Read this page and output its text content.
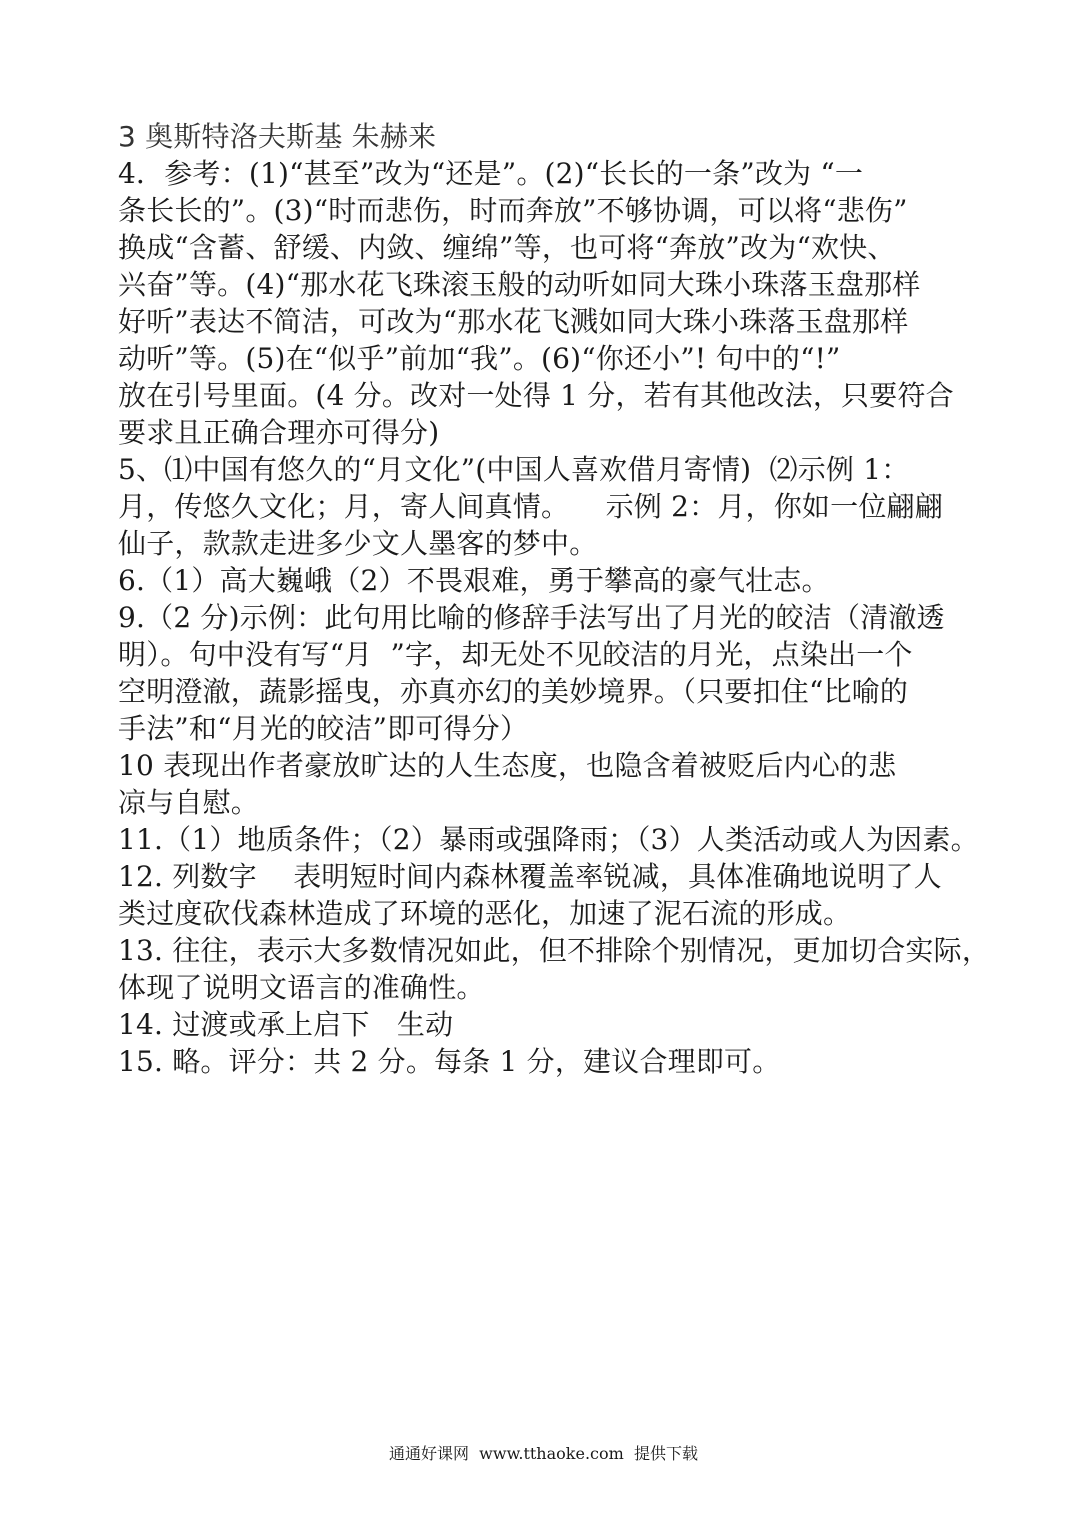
3 奥斯特洛夫斯基 朱赫来
4．参考：(1)“甚至”改为“还是”。(2)“长长的一条”改为 “一
条长长的”。(3)“时而悲伤，时而奔放”不够协调，可以将“悲伤”
换成“含蓄、舒缓、内敛、缠绵”等，也可将“奔放”改为“欢快、
兴奋”等。(4)“那水花飞珠滚玉般的动听如同大珠小珠落玉盘那样
好听”表达不简洁，可改为“那水花飞溅如同大珠小珠落玉盘那样
动听”等。(5)在“似乎”前加“我”。(6)“你还小”! 句中的“!”
放在引号里面。(4 分。改对一处得 1 分，若有其他改法，只要符合
要求且正确合理亦可得分)
5、⑴中国有悠久的“月文化”(中国人喜欢借月寄情)  ⑵示例 1：
月，传悠久文化；月，寄人间真情。    示例 2：月，你如一位翩翩
仙子，款款走进多少文人墨客的梦中。
6.（1）高大巍峨（2）不畏艰难，勇于攀高的豪气壮志。
9.（2 分)示例：此句用比喻的修辞手法写出了月光的皎洁（清澈透
明）。句中没有写“月  ”字，却无处不见皎洁的月光，点染出一个
空明澄澈，蔬影摇曳，亦真亦幻的美妙境界。（只要扣住“比喻的
手法”和“月光的皎洁”即可得分）
10 表现出作者豪放旷达的人生态度，也隐含着被贬后内心的悲
凉与自慰。
11.（1）地质条件；（2）暴雨或强降雨；（3）人类活动或人为因素。
12. 列数字    表明短时间内森林覆盖率锐减，具体准确地说明了人
类过度砍伐森林造成了环境的恶化，加速了泥石流的形成。
13. 往往，表示大多数情况如此，但不排除个别情况，更加切合实际，
体现了说明文语言的准确性。
14. 过渡或承上启下   生动
15. 略。评分：共 2 分。每条 1 分，建议合理即可。
通通好课网  www.tthaoke.com  提供下载
